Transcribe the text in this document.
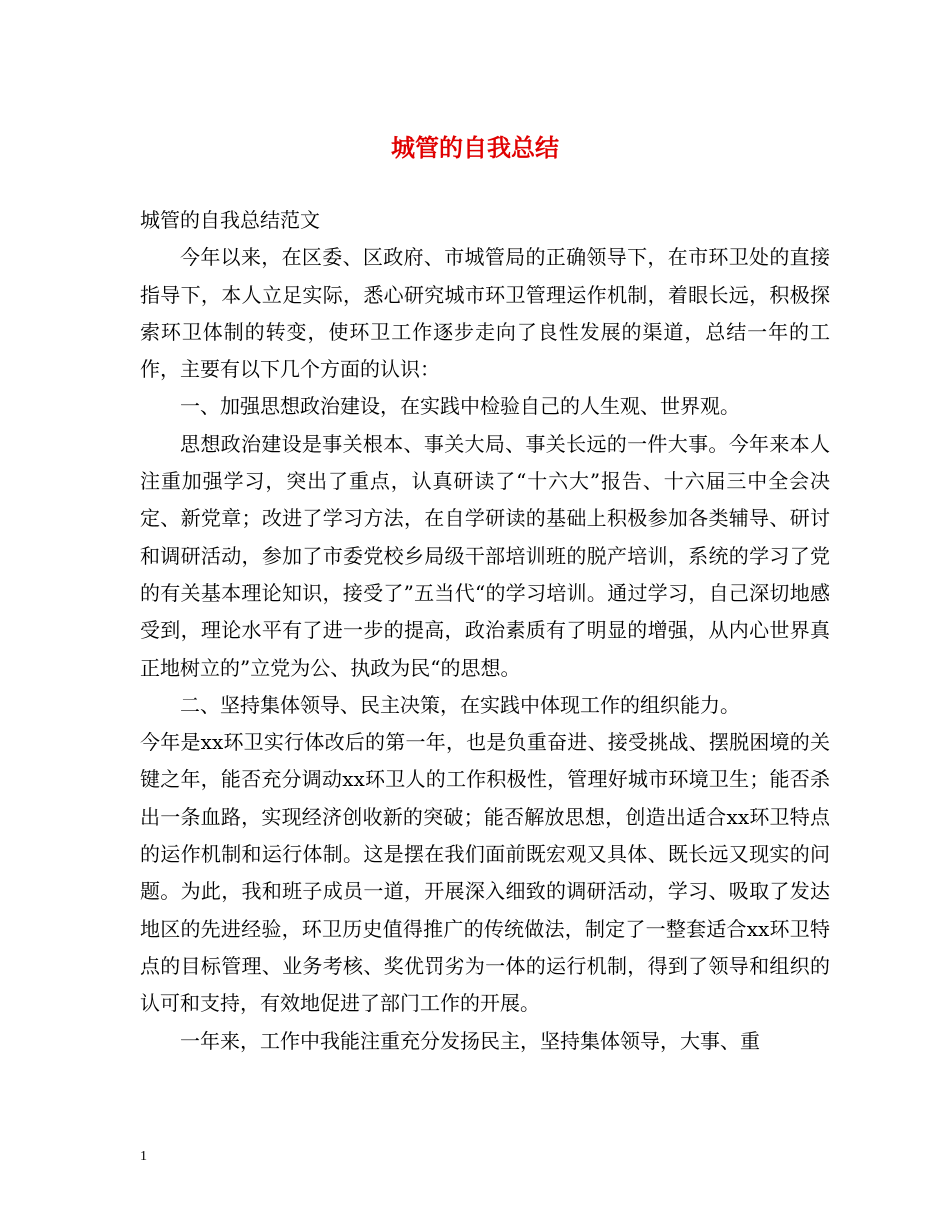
城管的自我总结

城管的自我总结范文

今年以来，在区委、区政府、市城管局的正确领导下，在市环卫处的直接指导下，本人立足实际，悉心研究城市环卫管理运作机制，着眼长远，积极探索环卫体制的转变，使环卫工作逐步走向了良性发展的渠道，总结一年的工作，主要有以下几个方面的认识：

一、加强思想政治建设，在实践中检验自己的人生观、世界观。

思想政治建设是事关根本、事关大局、事关长远的一件大事。今年来本人注重加强学习，突出了重点，认真研读了“十六大”报告、十六届三中全会决定、新党章；改进了学习方法，在自学研读的基础上积极参加各类辅导、研讨和调研活动，参加了市委党校乡局级干部培训班的脱产培训，系统的学习了党的有关基本理论知识，接受了”五当代“的学习培训。通过学习，自己深切地感受到，理论水平有了进一步的提高，政治素质有了明显的增强，从内心世界真正地树立的”立党为公、执政为民“的思想。

二、坚持集体领导、民主决策，在实践中体现工作的组织能力。

今年是xx环卫实行体改后的第一年，也是负重奋进、接受挑战、摆脱困境的关键之年，能否充分调动xx环卫人的工作积极性，管理好城市环境卫生；能否杀出一条血路，实现经济创收新的突破；能否解放思想，创造出适合xx环卫特点的运作机制和运行体制。这是摆在我们面前既宏观又具体、既长远又现实的问题。为此，我和班子成员一道，开展深入细致的调研活动，学习、吸取了发达地区的先进经验，环卫历史值得推广的传统做法，制定了一整套适合xx环卫特点的目标管理、业务考核、奖优罚劣为一体的运行机制，得到了领导和组织的认可和支持，有效地促进了部门工作的开展。

一年来，工作中我能注重充分发扬民主，坚持集体领导，大事、重

1
